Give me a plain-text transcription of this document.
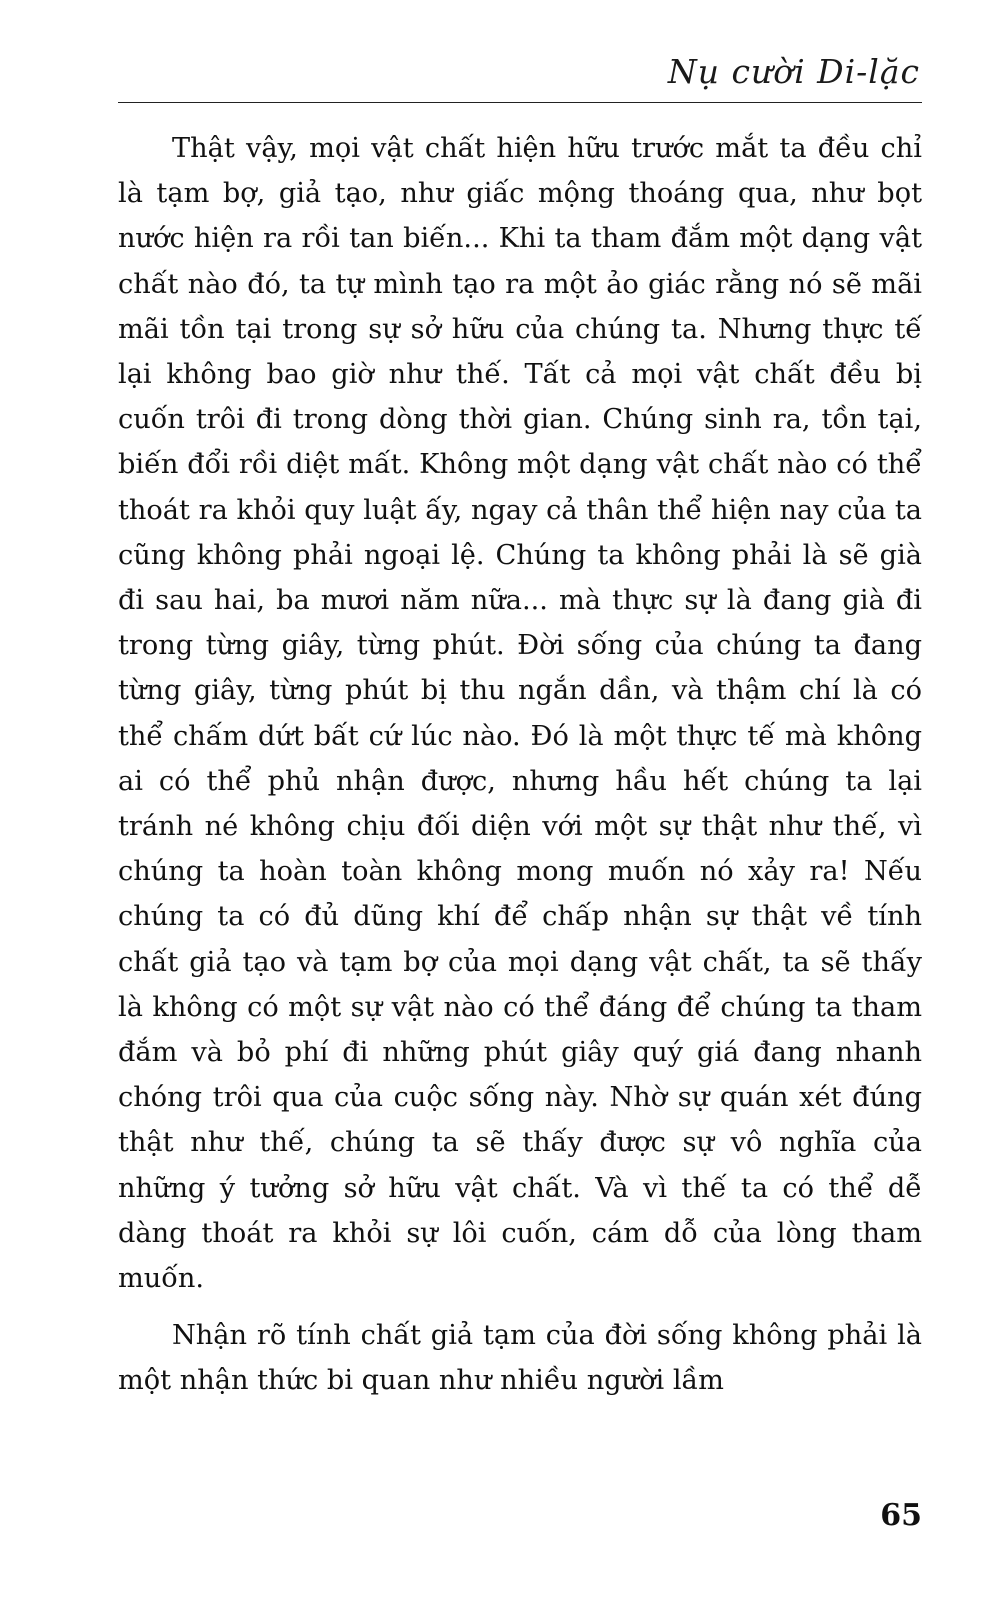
Nụ cười Di-lặc

Thật vậy, mọi vật chất hiện hữu trước mắt ta đều chỉ là tạm bợ, giả tạo, như giấc mộng thoáng qua, như bọt nước hiện ra rồi tan biến... Khi ta tham đắm một dạng vật chất nào đó, ta tự mình tạo ra một ảo giác rằng nó sẽ mãi mãi tồn tại trong sự sở hữu của chúng ta. Nhưng thực tế lại không bao giờ như thế. Tất cả mọi vật chất đều bị cuốn trôi đi trong dòng thời gian. Chúng sinh ra, tồn tại, biến đổi rồi diệt mất. Không một dạng vật chất nào có thể thoát ra khỏi quy luật ấy, ngay cả thân thể hiện nay của ta cũng không phải ngoại lệ. Chúng ta không phải là sẽ già đi sau hai, ba mươi năm nữa... mà thực sự là đang già đi trong từng giây, từng phút. Đời sống của chúng ta đang từng giây, từng phút bị thu ngắn dần, và thậm chí là có thể chấm dứt bất cứ lúc nào. Đó là một thực tế mà không ai có thể phủ nhận được, nhưng hầu hết chúng ta lại tránh né không chịu đối diện với một sự thật như thế, vì chúng ta hoàn toàn không mong muốn nó xảy ra! Nếu chúng ta có đủ dũng khí để chấp nhận sự thật về tính chất giả tạo và tạm bợ của mọi dạng vật chất, ta sẽ thấy là không có một sự vật nào có thể đáng để chúng ta tham đắm và bỏ phí đi những phút giây quý giá đang nhanh chóng trôi qua của cuộc sống này. Nhờ sự quán xét đúng thật như thế, chúng ta sẽ thấy được sự vô nghĩa của những ý tưởng sở hữu vật chất. Và vì thế ta có thể dễ dàng thoát ra khỏi sự lôi cuốn, cám dỗ của lòng tham muốn.

Nhận rõ tính chất giả tạm của đời sống không phải là một nhận thức bi quan như nhiều người lầm

65
